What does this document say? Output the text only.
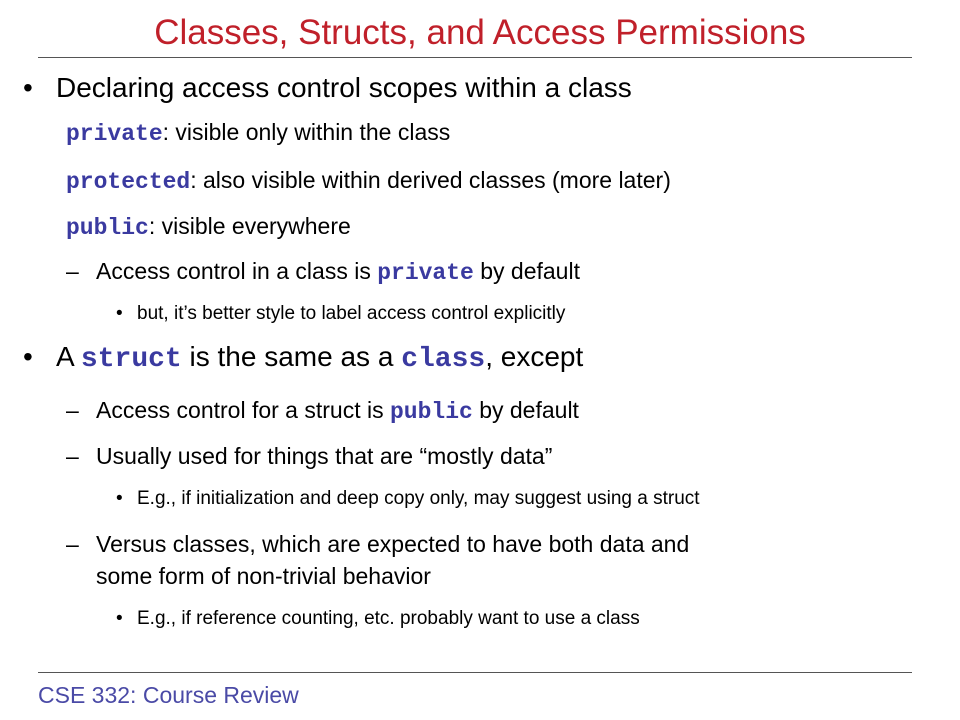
Classes, Structs, and Access Permissions
• Declaring access control scopes within a class
private: visible only within the class
protected: also visible within derived classes (more later)
public: visible everywhere
– Access control in a class is private by default
• but, it’s better style to label access control explicitly
• A struct is the same as a class, except
– Access control for a struct is public by default
– Usually used for things that are “mostly data”
• E.g., if initialization and deep copy only, may suggest using a struct
– Versus classes, which are expected to have both data and
some form of non-trivial behavior
• E.g., if reference counting, etc. probably want to use a class
CSE 332: Course Review
